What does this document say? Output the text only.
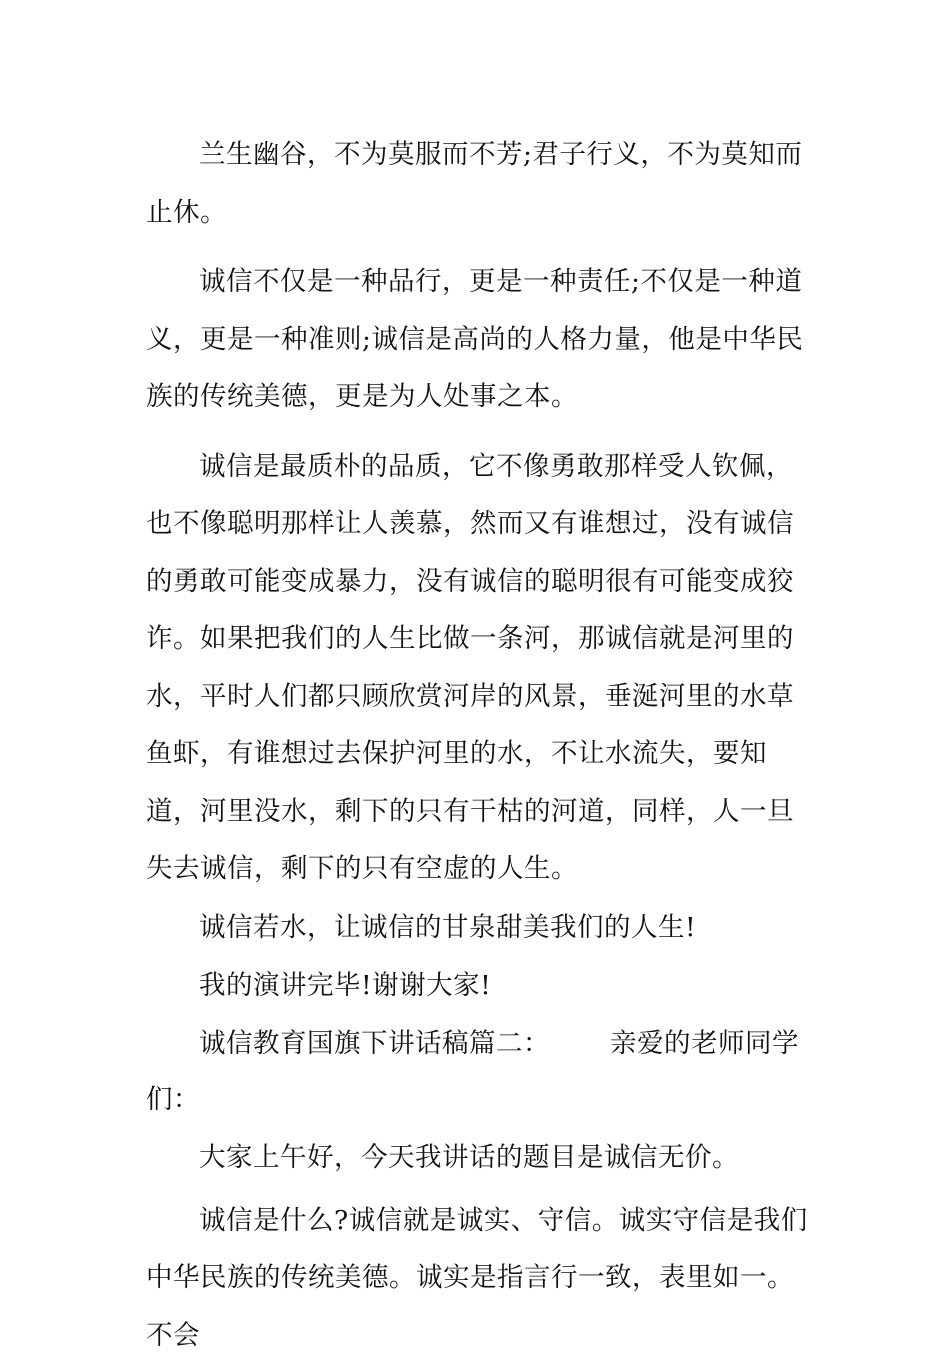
兰生幽谷，不为莫服而不芳;君子行义，不为莫知而止休。

诚信不仅是一种品行，更是一种责任;不仅是一种道义，更是一种准则;诚信是高尚的人格力量，他是中华民族的传统美德，更是为人处事之本。

诚信是最质朴的品质，它不像勇敢那样受人钦佩，也不像聪明那样让人羡慕，然而又有谁想过，没有诚信的勇敢可能变成暴力，没有诚信的聪明很有可能变成狡诈。如果把我们的人生比做一条河，那诚信就是河里的水，平时人们都只顾欣赏河岸的风景，垂涎河里的水草鱼虾，有谁想过去保护河里的水，不让水流失，要知道，河里没水，剩下的只有干枯的河道，同样，人一旦失去诚信，剩下的只有空虚的人生。

诚信若水，让诚信的甘泉甜美我们的人生!

我的演讲完毕!谢谢大家!

诚信教育国旗下讲话稿篇二： 亲爱的老师同学们：

大家上午好，今天我讲话的题目是诚信无价。

诚信是什么?诚信就是诚实、守信。诚实守信是我们中华民族的传统美德。诚实是指言行一致，表里如一。不会
